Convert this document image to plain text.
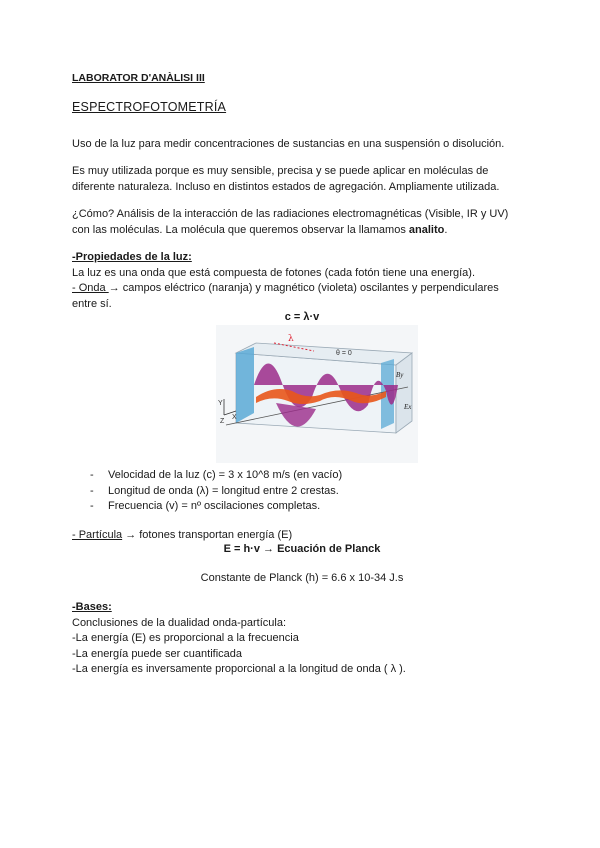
LABORATOR D'ANÀLISI III
ESPECTROFOTOMETRÍA
Uso de la luz para medir concentraciones de sustancias en una suspensión o disolución.
Es muy utilizada porque es muy sensible, precisa y se puede aplicar en moléculas de
diferente naturaleza. Incluso en distintos estados de agregación. Ampliamente utilizada.
¿Cómo? Análisis de la interacción de las radiaciones electromagnéticas (Visible, IR y UV)
con las moléculas. La molécula que queremos observar la llamamos analito.
-Propiedades de la luz:
La luz es una onda que está compuesta de fotones (cada fotón tiene una energía).
- Onda → campos eléctrico (naranja) y magnético (violeta) oscilantes y perpendiculares
entre sí.
c = λ·v
λ
θ = 0
Ex
By
Y
X
Z
- Velocidad de la luz (c) = 3 x 10^8 m/s (en vacío)
- Longitud de onda (λ) = longitud entre 2 crestas.
- Frecuencia (v) = nº oscilaciones completas.
- Partícula → fotones transportan energía (E)
E = h·v → Ecuación de Planck
Constante de Planck (h) = 6.6 x 10-34 J.s
-Bases:
Conclusiones de la dualidad onda-partícula:
-La energía (E) es proporcional a la frecuencia
-La energía puede ser cuantificada
-La energía es inversamente proporcional a la longitud de onda ( λ ).
